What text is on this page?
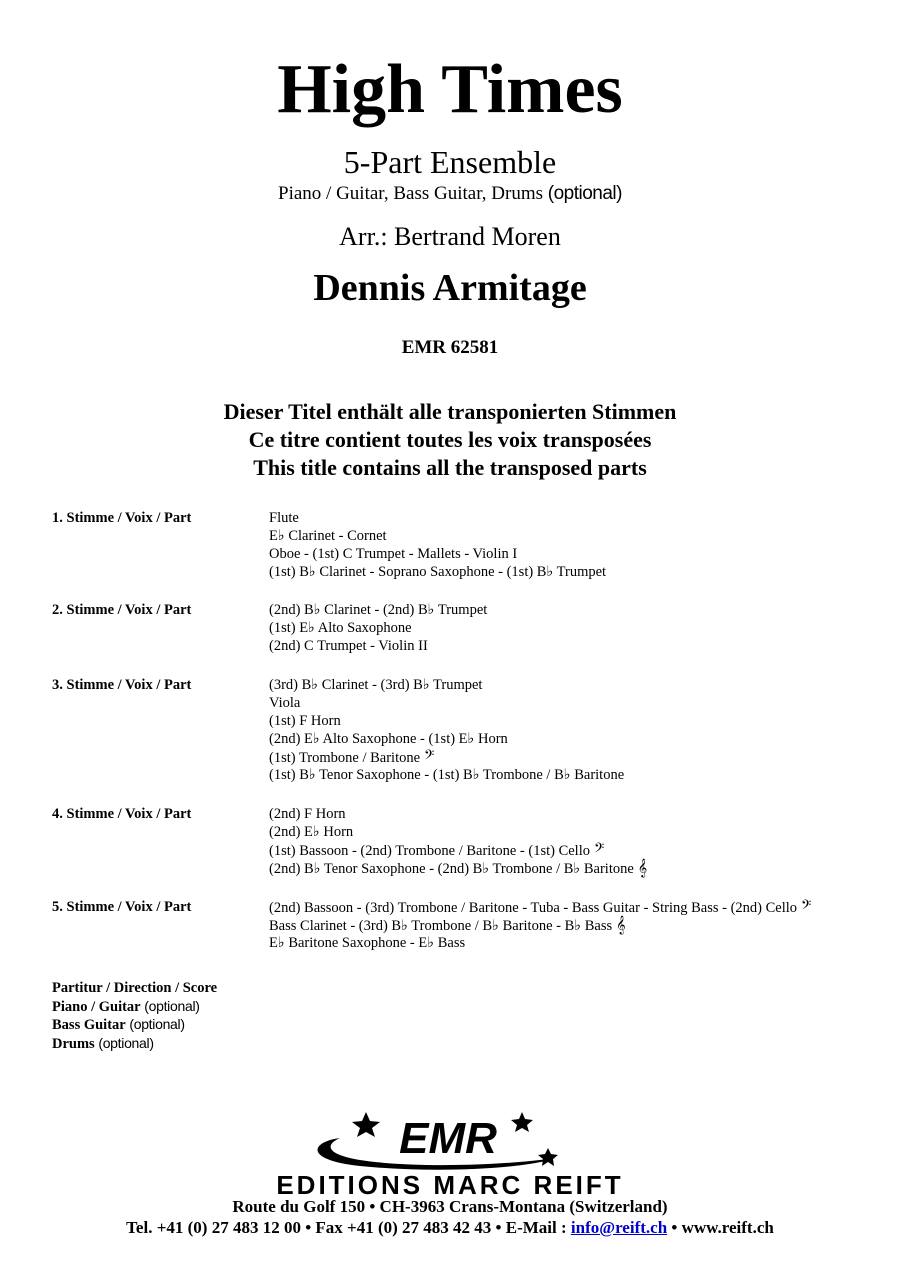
High Times
5-Part Ensemble
Piano / Guitar, Bass Guitar, Drums (optional)
Arr.: Bertrand Moren
Dennis Armitage
EMR 62581
Dieser Titel enthält alle transponierten Stimmen
Ce titre contient toutes les voix transposées
This title contains all the transposed parts
1. Stimme / Voix / Part	Flute
E♭ Clarinet - Cornet
Oboe - (1st) C Trumpet - Mallets - Violin I
(1st) B♭ Clarinet - Soprano Saxophone - (1st) B♭ Trumpet
2. Stimme / Voix / Part	(2nd) B♭ Clarinet - (2nd) B♭ Trumpet
(1st) E♭ Alto Saxophone
(2nd) C Trumpet - Violin II
3. Stimme / Voix / Part	(3rd) B♭ Clarinet - (3rd) B♭ Trumpet
Viola
(1st) F Horn
(2nd) E♭ Alto Saxophone - (1st) E♭ Horn
(1st) Trombone / Baritone 𝄢
(1st) B♭ Tenor Saxophone - (1st) B♭ Trombone / B♭ Baritone
4. Stimme / Voix / Part	(2nd) F Horn
(2nd) E♭ Horn
(1st) Bassoon - (2nd) Trombone / Baritone - (1st) Cello 𝄢
(2nd) B♭ Tenor Saxophone - (2nd) B♭ Trombone / B♭ Baritone 𝄞
5. Stimme / Voix / Part	(2nd) Bassoon - (3rd) Trombone / Baritone - Tuba - Bass Guitar - String Bass - (2nd) Cello 𝄢
Bass Clarinet - (3rd) B♭ Trombone / B♭ Baritone - B♭ Bass 𝄞
E♭ Baritone Saxophone - E♭ Bass
Partitur / Direction / Score
Piano / Guitar (optional)
Bass Guitar (optional)
Drums (optional)
EMR
EDITIONS MARC REIFT
Route du Golf 150 • CH-3963 Crans-Montana (Switzerland)
Tel. +41 (0) 27 483 12 00 • Fax +41 (0) 27 483 42 43 • E-Mail : info@reift.ch • www.reift.ch
